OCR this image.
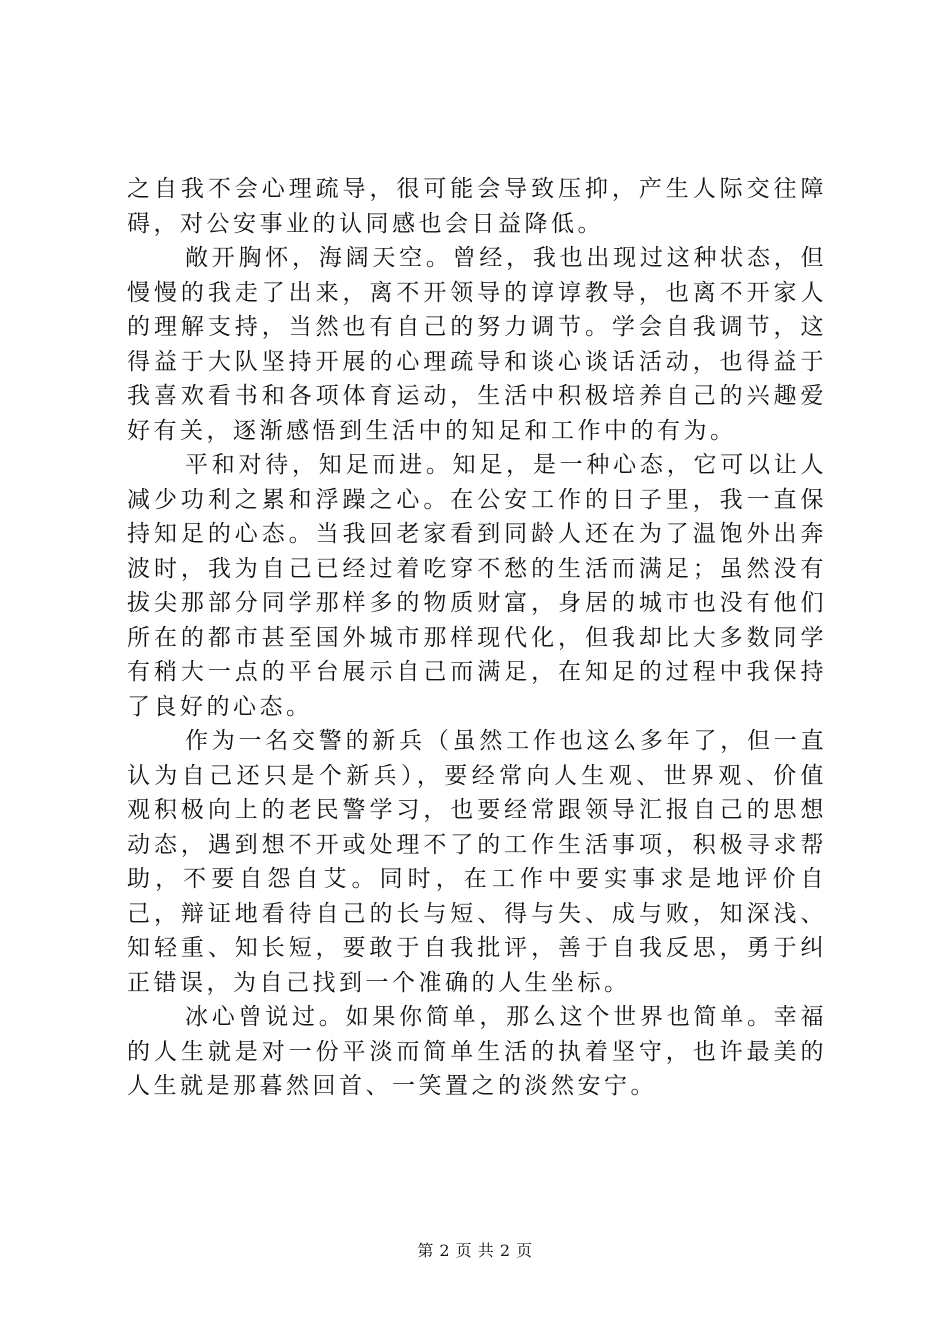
之自我不会心理疏导，很可能会导致压抑，产生人际交往障碍，对公安事业的认同感也会日益降低。

敞开胸怀，海阔天空。曾经，我也出现过这种状态，但慢慢的我走了出来，离不开领导的谆谆教导，也离不开家人的理解支持，当然也有自己的努力调节。学会自我调节，这得益于大队坚持开展的心理疏导和谈心谈话活动，也得益于我喜欢看书和各项体育运动，生活中积极培养自己的兴趣爱好有关，逐渐感悟到生活中的知足和工作中的有为。

平和对待，知足而进。知足，是一种心态，它可以让人减少功利之累和浮躁之心。在公安工作的日子里，我一直保持知足的心态。当我回老家看到同龄人还在为了温饱外出奔波时，我为自己已经过着吃穿不愁的生活而满足；虽然没有拔尖那部分同学那样多的物质财富，身居的城市也没有他们所在的都市甚至国外城市那样现代化，但我却比大多数同学有稍大一点的平台展示自己而满足，在知足的过程中我保持了良好的心态。

作为一名交警的新兵（虽然工作也这么多年了，但一直认为自己还只是个新兵），要经常向人生观、世界观、价值观积极向上的老民警学习，也要经常跟领导汇报自己的思想动态，遇到想不开或处理不了的工作生活事项，积极寻求帮助，不要自怨自艾。同时，在工作中要实事求是地评价自己，辩证地看待自己的长与短、得与失、成与败，知深浅、知轻重、知长短，要敢于自我批评，善于自我反思，勇于纠正错误，为自己找到一个准确的人生坐标。

冰心曾说过。如果你简单，那么这个世界也简单。幸福的人生就是对一份平淡而简单生活的执着坚守，也许最美的人生就是那暮然回首、一笑置之的淡然安宁。

第 2 页 共 2 页
